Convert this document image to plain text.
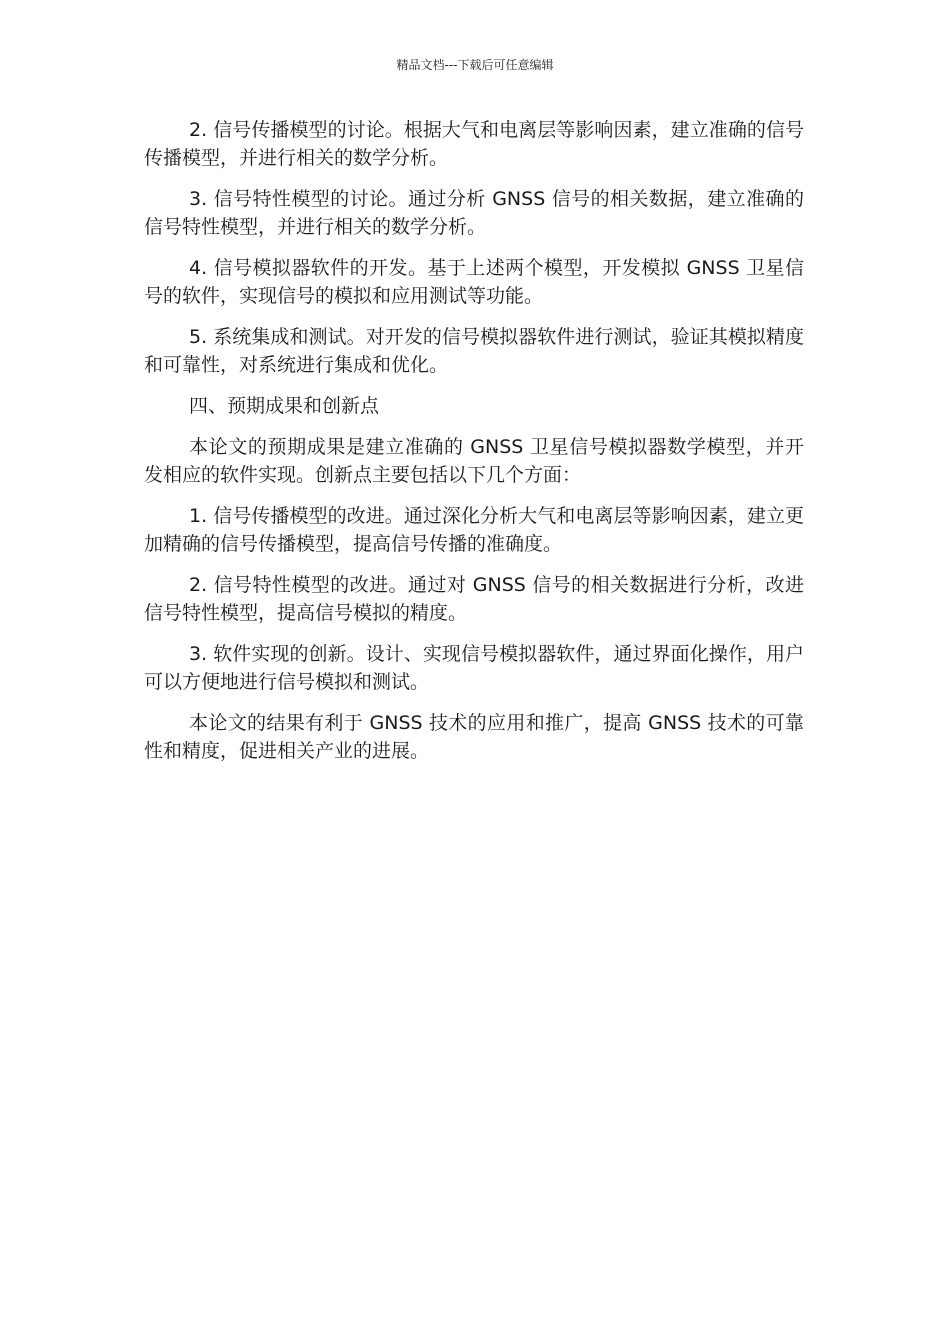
精品文档---下载后可任意编辑

2. 信号传播模型的讨论。根据大气和电离层等影响因素，建立准确的信号传播模型，并进行相关的数学分析。

3. 信号特性模型的讨论。通过分析 GNSS 信号的相关数据，建立准确的信号特性模型，并进行相关的数学分析。

4. 信号模拟器软件的开发。基于上述两个模型，开发模拟 GNSS 卫星信号的软件，实现信号的模拟和应用测试等功能。

5. 系统集成和测试。对开发的信号模拟器软件进行测试，验证其模拟精度和可靠性，对系统进行集成和优化。

四、预期成果和创新点

本论文的预期成果是建立准确的 GNSS 卫星信号模拟器数学模型，并开发相应的软件实现。创新点主要包括以下几个方面：

1. 信号传播模型的改进。通过深化分析大气和电离层等影响因素，建立更加精确的信号传播模型，提高信号传播的准确度。

2. 信号特性模型的改进。通过对 GNSS 信号的相关数据进行分析，改进信号特性模型，提高信号模拟的精度。

3. 软件实现的创新。设计、实现信号模拟器软件，通过界面化操作，用户可以方便地进行信号模拟和测试。

本论文的结果有利于 GNSS 技术的应用和推广，提高 GNSS 技术的可靠性和精度，促进相关产业的进展。
